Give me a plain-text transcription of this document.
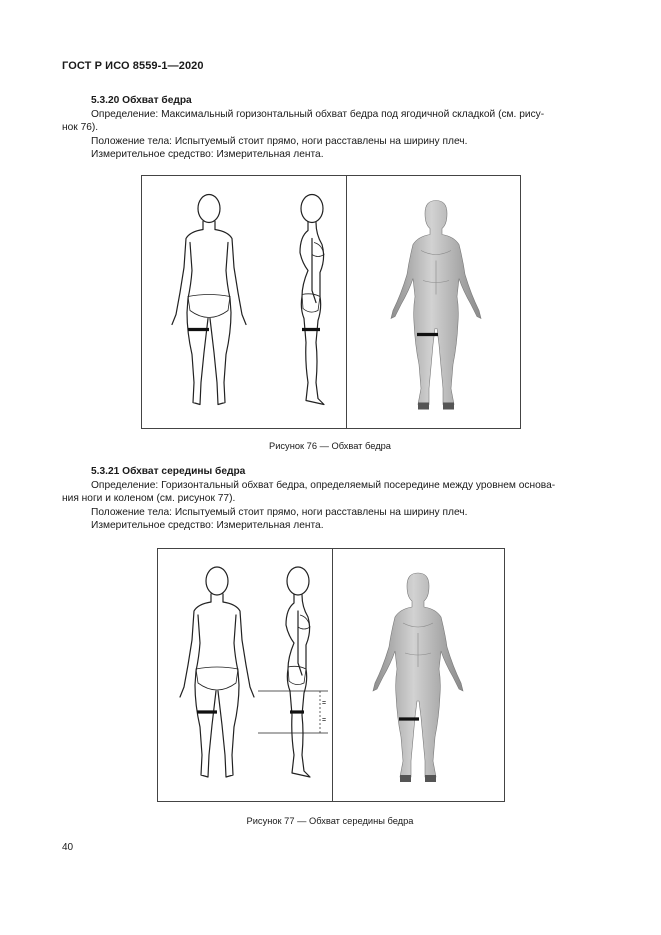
ГОСТ Р ИСО 8559-1—2020

5.3.20 Обхват бедра

Определение: Максимальный горизонтальный обхват бедра под ягодичной складкой (см. рису-

нок 76).

Положение тела: Испытуемый стоит прямо, ноги расставлены на ширину плеч.

Измерительное средство: Измерительная лента.

Рисунок 76 — Обхват бедра

5.3.21 Обхват середины бедра

Определение: Горизонтальный обхват бедра, определяемый посередине между уровнем основа-

ния ноги и коленом (см. рисунок 77).

Положение тела: Испытуемый стоит прямо, ноги расставлены на ширину плеч.

Измерительное средство: Измерительная лента.

=
=
Рисунок 77 — Обхват середины бедра
40
